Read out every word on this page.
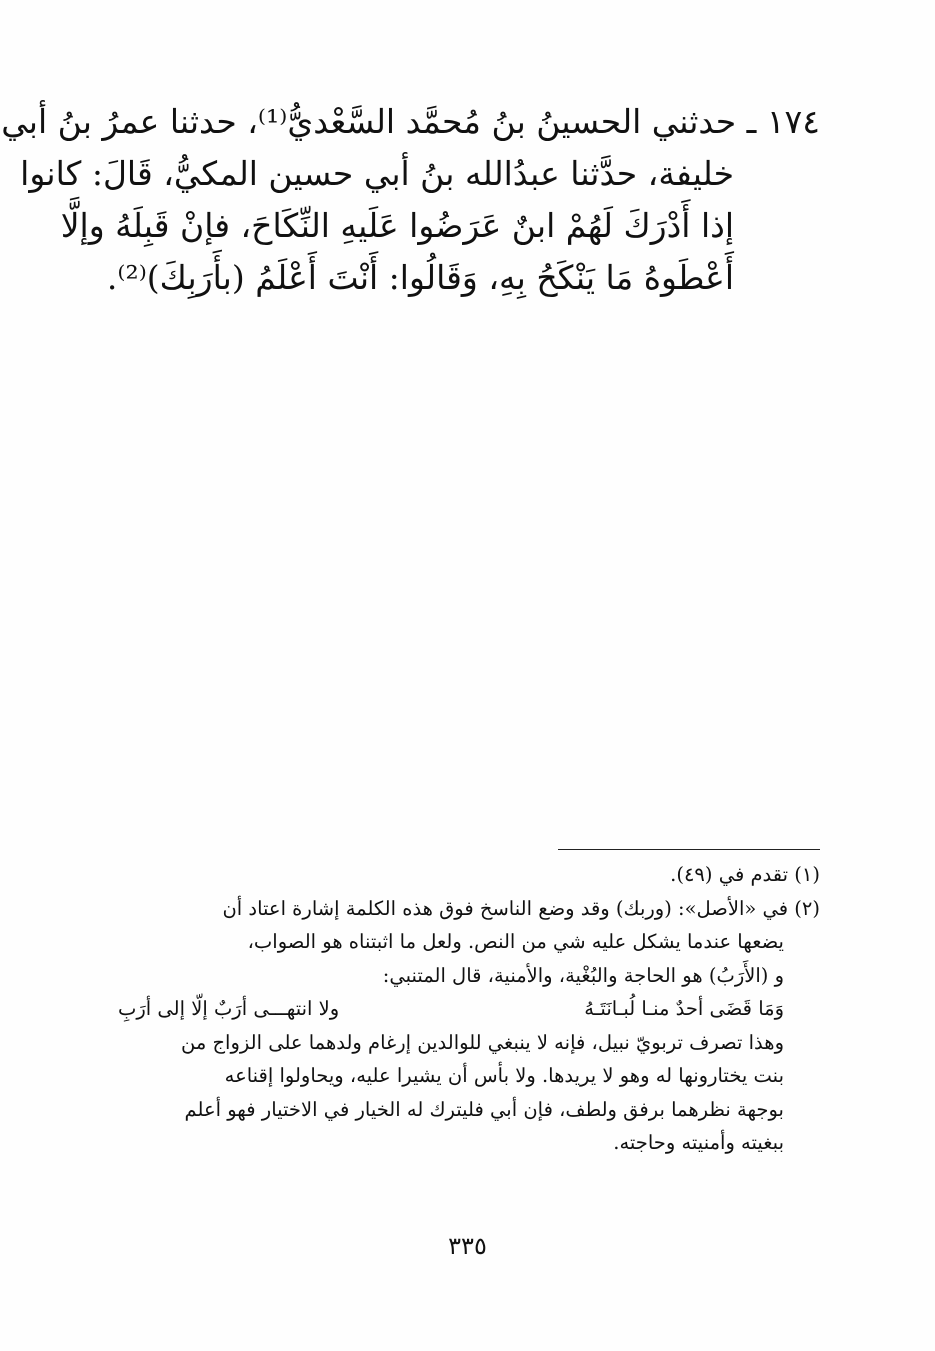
١٧٤ ـ حدثني الحسينُ بنُ مُحمَّد السَّعْديُّ⁽¹⁾، حدثنا عمرُ بنُ أبي
خليفة، حدَّثنا عبدُالله بنُ أبي حسين المكيُّ، قَالَ: كانوا
إذا أَدْرَكَ لَهُمْ ابنٌ عَرَضُوا عَلَيهِ النِّكَاحَ، فإنْ قَبِلَهُ وإلَّا
أَعْطَوهُ مَا يَنْكَحُ بِهِ، وَقَالُوا: أَنْتَ أَعْلَمُ (بأَرَبِكَ)⁽²⁾.
(١) تقدم في (٤٩).
(٢) في «الأصل»: (وربك) وقد وضع الناسخ فوق هذه الكلمة إشارة اعتاد أن
يضعها عندما يشكل عليه شي من النص. ولعل ما اثبتناه هو الصواب،
و (الأَرَبُ) هو الحاجة والبُغْية، والأمنية، قال المتنبي:
وَمَا قَضَى أحدٌ منـا لُبـانَتَـهُ
ولا انتهـــى أرَبٌ إلّا إلى أرَبِ
وهذا تصرف تربويّ نبيل، فإنه لا ينبغي للوالدين إرغام ولدهما على الزواج من
بنت يختارونها له وهو لا يريدها. ولا بأس أن يشيرا عليه، ويحاولوا إقناعه
بوجهة نظرهما برفق ولطف، فإن أبي فليترك له الخيار في الاختيار فهو أعلم
ببغيته وأمنيته وحاجته.
٣٣٥
